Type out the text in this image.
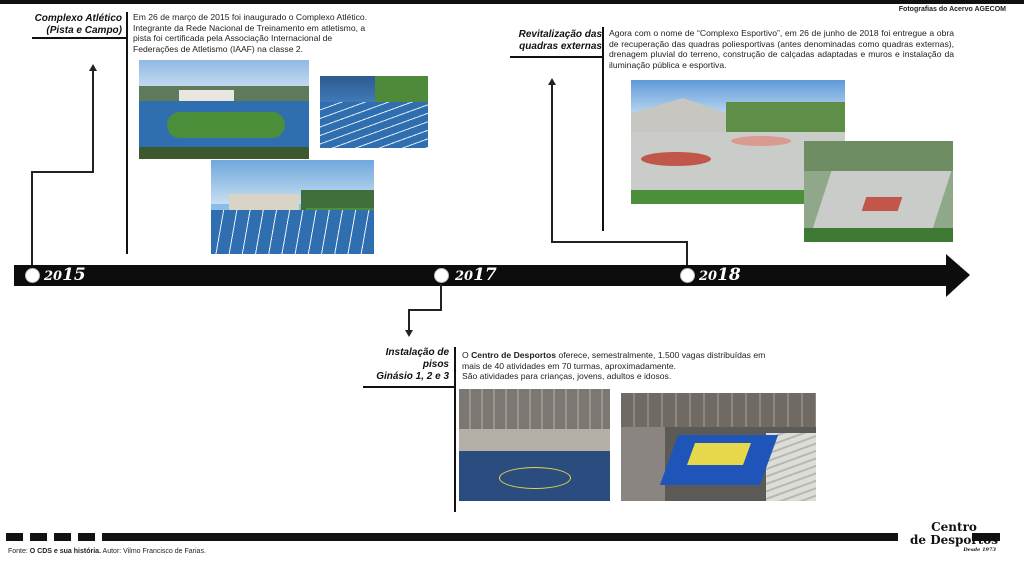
Fotografias do Acervo AGECOM
Complexo Atlético
(Pista e Campo)
Em 26 de março de 2015 foi inaugurado o Complexo Atlético. Integrante da Rede Nacional de Treinamento em atletismo, a pista foi certificada pela Associação Internacional de Federações de Atletismo (IAAF) na classe 2.
Revitalização das
quadras externas
Agora com o nome de “Complexo Esportivo”, em 26 de junho de 2018 foi entregue a obra de recuperação das quadras poliesportivas (antes denominadas como quadras externas), drenagem pluvial do terreno, construção de calçadas adaptadas e muros e instalação da iluminação pública e esportiva.
2015	2017	2018
Instalação de
pisos
Ginásio 1, 2 e 3
O Centro de Desportos oferece, semestralmente, 1.500 vagas distribuídas em mais de 40 atividades em 70 turmas, aproximadamente.
São atividades para crianças, jovens, adultos e idosos.
Fonte: O CDS e sua história. Autor: Vilmo Francisco de Farias.
Centro
de Desportos
Desde 1973
